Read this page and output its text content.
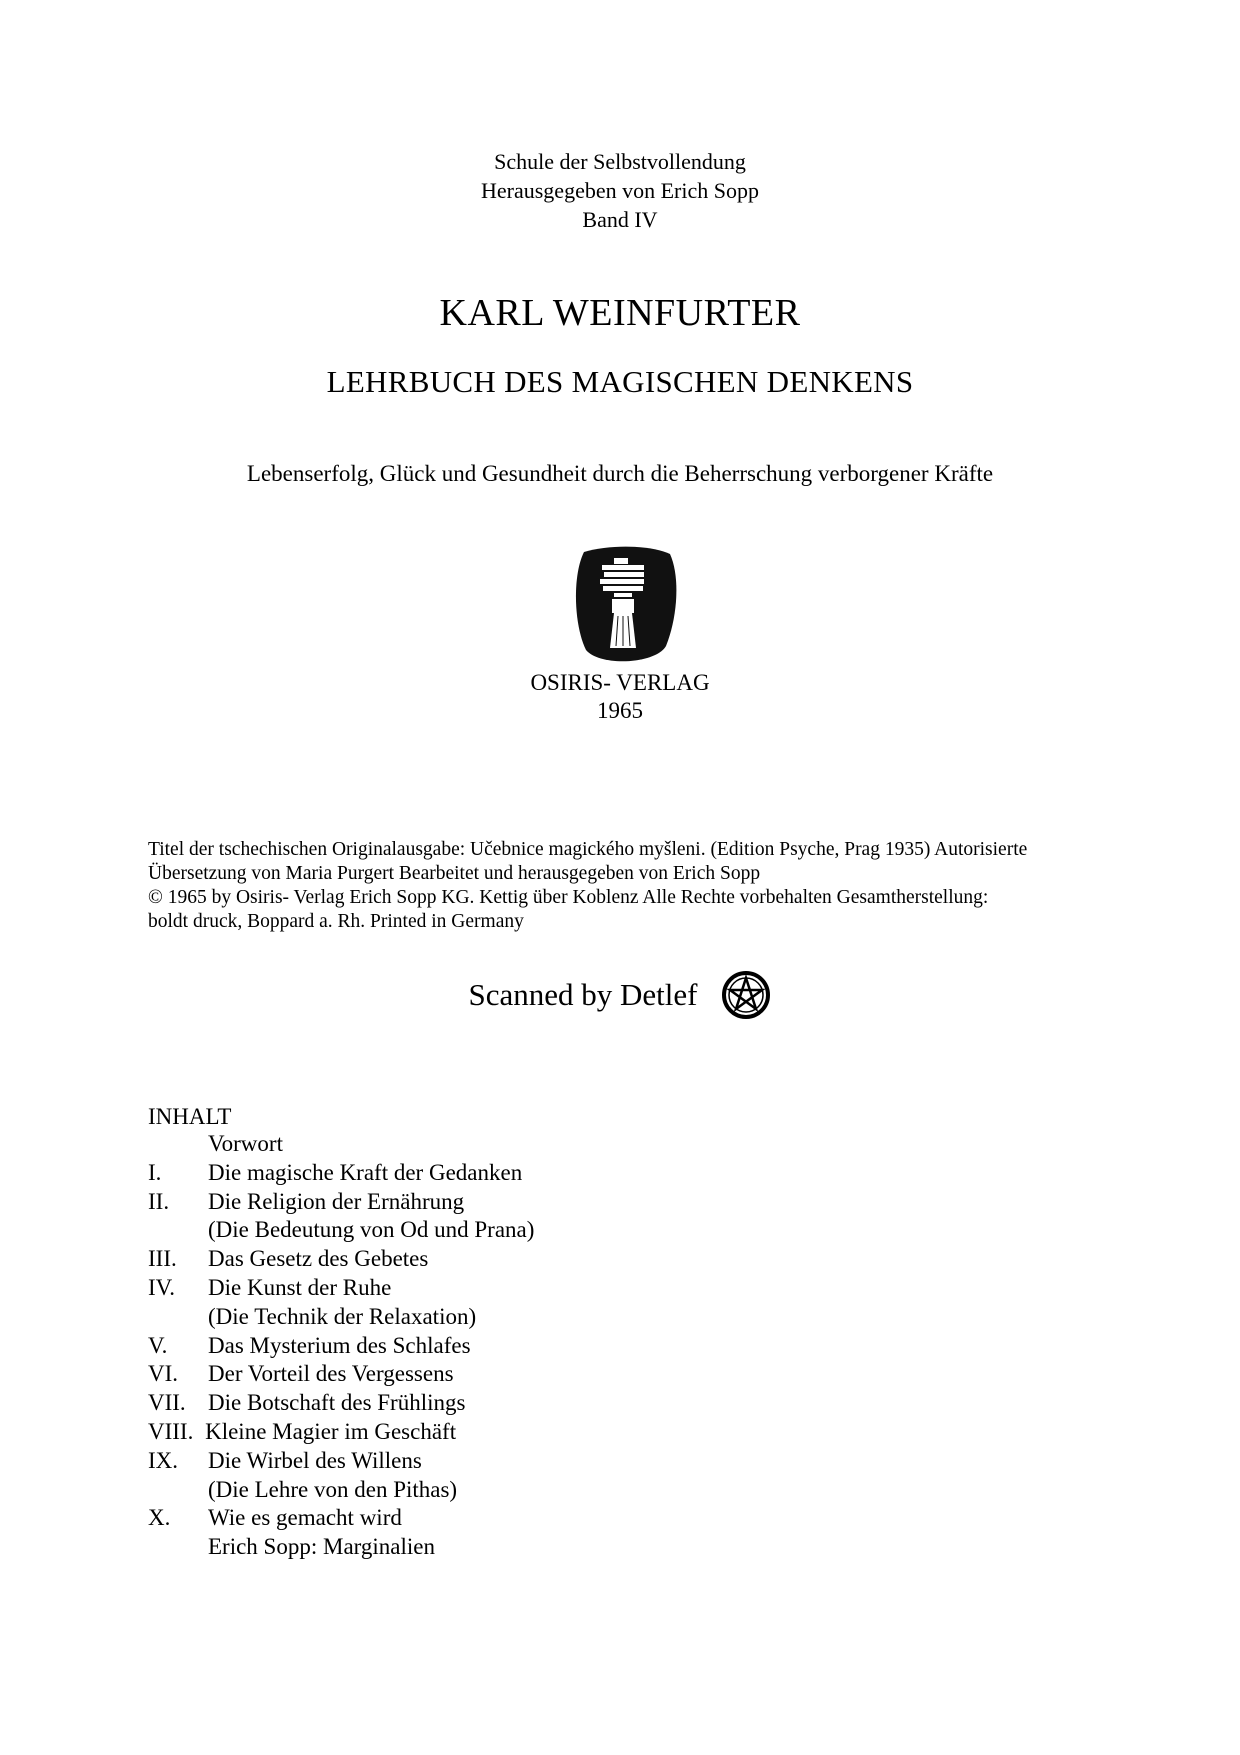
Schule der Selbstvollendung
Herausgegeben von Erich Sopp
Band IV
KARL WEINFURTER
LEHRBUCH DES MAGISCHEN DENKENS
Lebenserfolg, Glück und Gesundheit durch die Beherrschung verborgener Kräfte
OSIRIS- VERLAG
1965
Titel der tschechischen Originalausgabe: Učebnice magického myšleni. (Edition Psyche, Prag 1935) Autorisierte
Übersetzung von Maria Purgert Bearbeitet und herausgegeben von Erich Sopp
© 1965 by Osiris- Verlag Erich Sopp KG. Kettig über Koblenz Alle Rechte vorbehalten Gesamtherstellung:
boldt druck, Boppard a. Rh. Printed in Germany
Scanned by Detlef
INHALT
Vorwort
I. Die magische Kraft der Gedanken
II. Die Religion der Ernährung
(Die Bedeutung von Od und Prana)
III. Das Gesetz des Gebetes
IV. Die Kunst der Ruhe
(Die Technik der Relaxation)
V. Das Mysterium des Schlafes
VI. Der Vorteil des Vergessens
VII. Die Botschaft des Frühlings
VIII. Kleine Magier im Geschäft
IX. Die Wirbel des Willens
(Die Lehre von den Pithas)
X. Wie es gemacht wird
Erich Sopp: Marginalien
